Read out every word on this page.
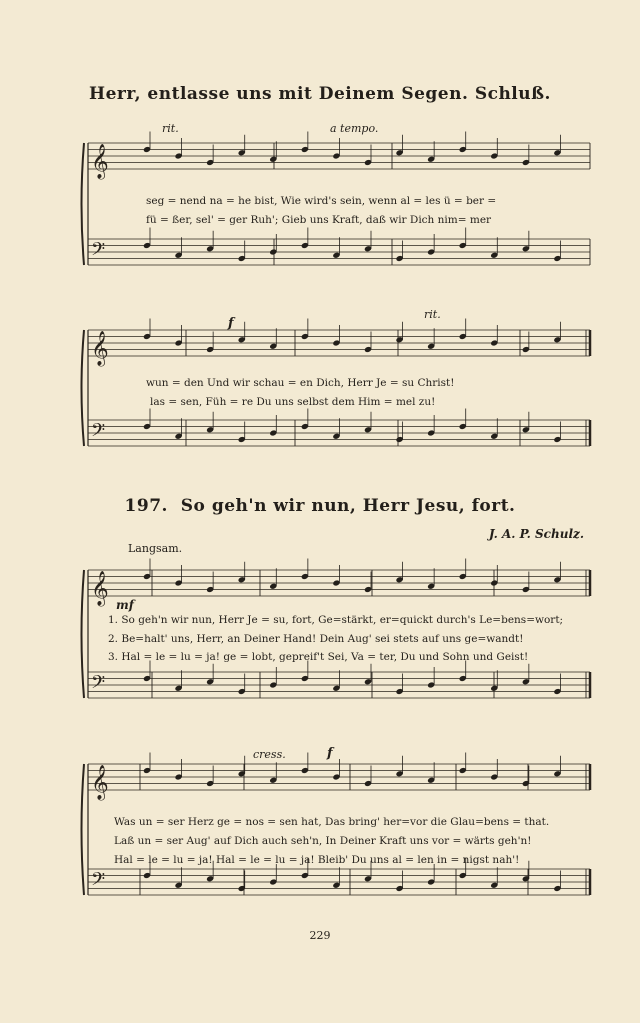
Herr, entlasse uns mit Deinem Segen. Schluß.
197. So geh'n wir nun, Herr Jesu, fort.
J. A. P. Schulz.
Langsam.
rit.	a tempo.
f
rit.
mf
cress.	f
𝄞
𝄢
𝄞
𝄢
𝄞
𝄢
𝄞
𝄢
seg = nend na = he bist, Wie wird's sein, wenn al = les ü = ber =
fü = ßer, sel' = ger Ruh'; Gieb uns Kraft, daß wir Dich nim= mer
wun = den Und wir schau = en Dich, Herr Je = su Christ!
las = sen, Füh = re Du uns selbst dem Him = mel zu!
1. So geh'n wir nun, Herr Je = su, fort, Ge=stärkt, er=quickt durch's Le=bens=wort;
2. Be=halt' uns, Herr, an Deiner Hand! Dein Aug' sei stets auf uns ge=wandt!
3. Hal = le = lu = ja! ge = lobt, gepreif't Sei, Va = ter, Du und Sohn und Geist!
Was un = ser Herz ge = nos = sen hat, Das bring' her=vor die Glau=bens = that.
Laß un = ser Aug' auf Dich auch seh'n, In Deiner Kraft uns vor = wärts geh'n!
Hal = le = lu = ja! Hal = le = lu = ja! Bleib' Du uns al = len in = nigst nah'!
229
